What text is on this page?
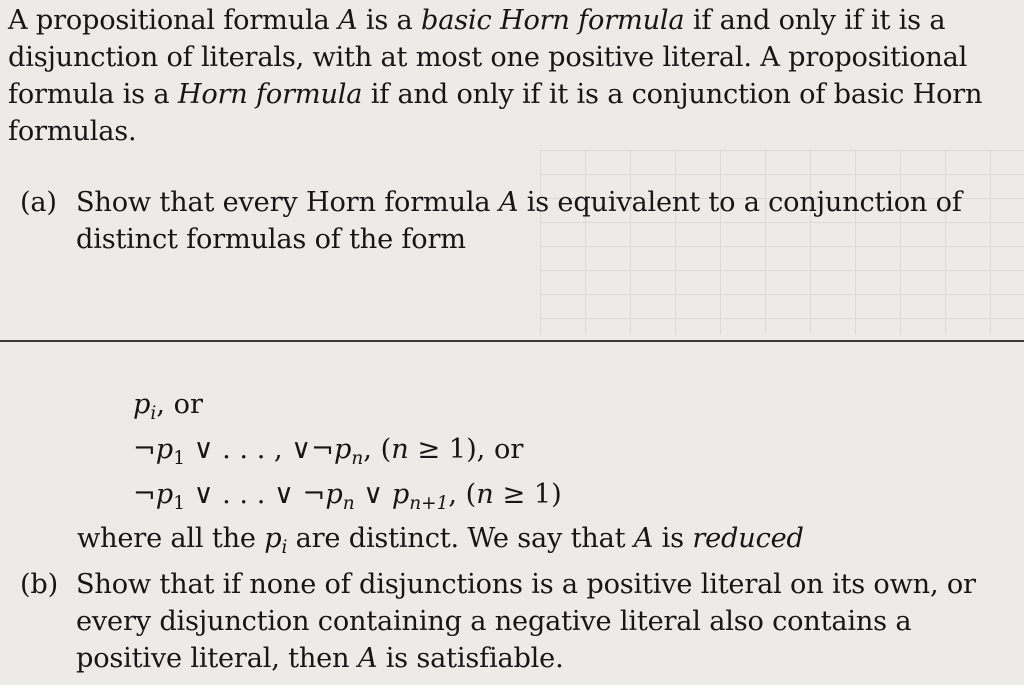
A propositional formula A is a basic Horn formula if and only if it is a disjunction of literals, with at most one positive literal. A propositional formula is a Horn formula if and only if it is a conjunction of basic Horn formulas.
(a) Show that every Horn formula A is equivalent to a conjunction of distinct formulas of the form
$p_i$, or
$\neg p_1$ ∨ . . . , $\vee\neg p_n$, (n ≥ 1), or
$\neg p_1$ ∨ . . . ∨ $\neg p_n$ ∨ $p_{n+1}$, (n ≥ 1)
where all the $p_i$ are distinct. We say that A is reduced
(b) Show that if none of disjunctions is a positive literal on its own, or every disjunction containing a negative literal also contains a positive literal, then A is satisfiable.
